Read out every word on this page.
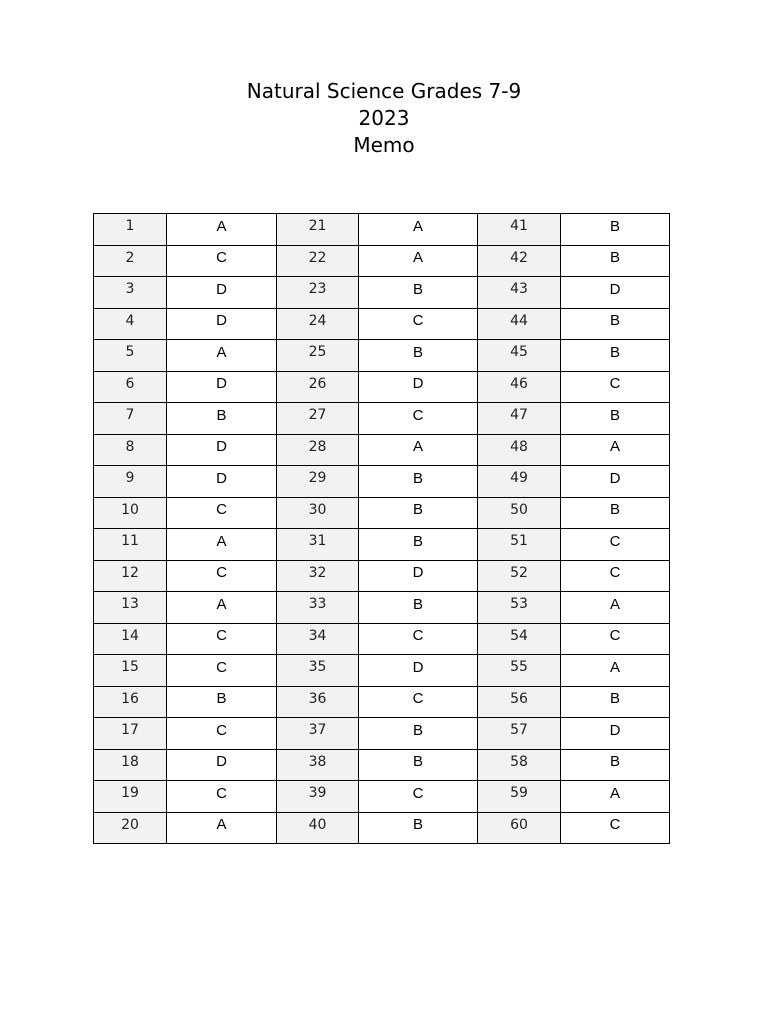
Natural Science Grades 7-9
2023
Memo
1	A	21	A	41	B
2	C	22	A	42	B
3	D	23	B	43	D
4	D	24	C	44	B
5	A	25	B	45	B
6	D	26	D	46	C
7	B	27	C	47	B
8	D	28	A	48	A
9	D	29	B	49	D
10	C	30	B	50	B
11	A	31	B	51	C
12	C	32	D	52	C
13	A	33	B	53	A
14	C	34	C	54	C
15	C	35	D	55	A
16	B	36	C	56	B
17	C	37	B	57	D
18	D	38	B	58	B
19	C	39	C	59	A
20	A	40	B	60	C
